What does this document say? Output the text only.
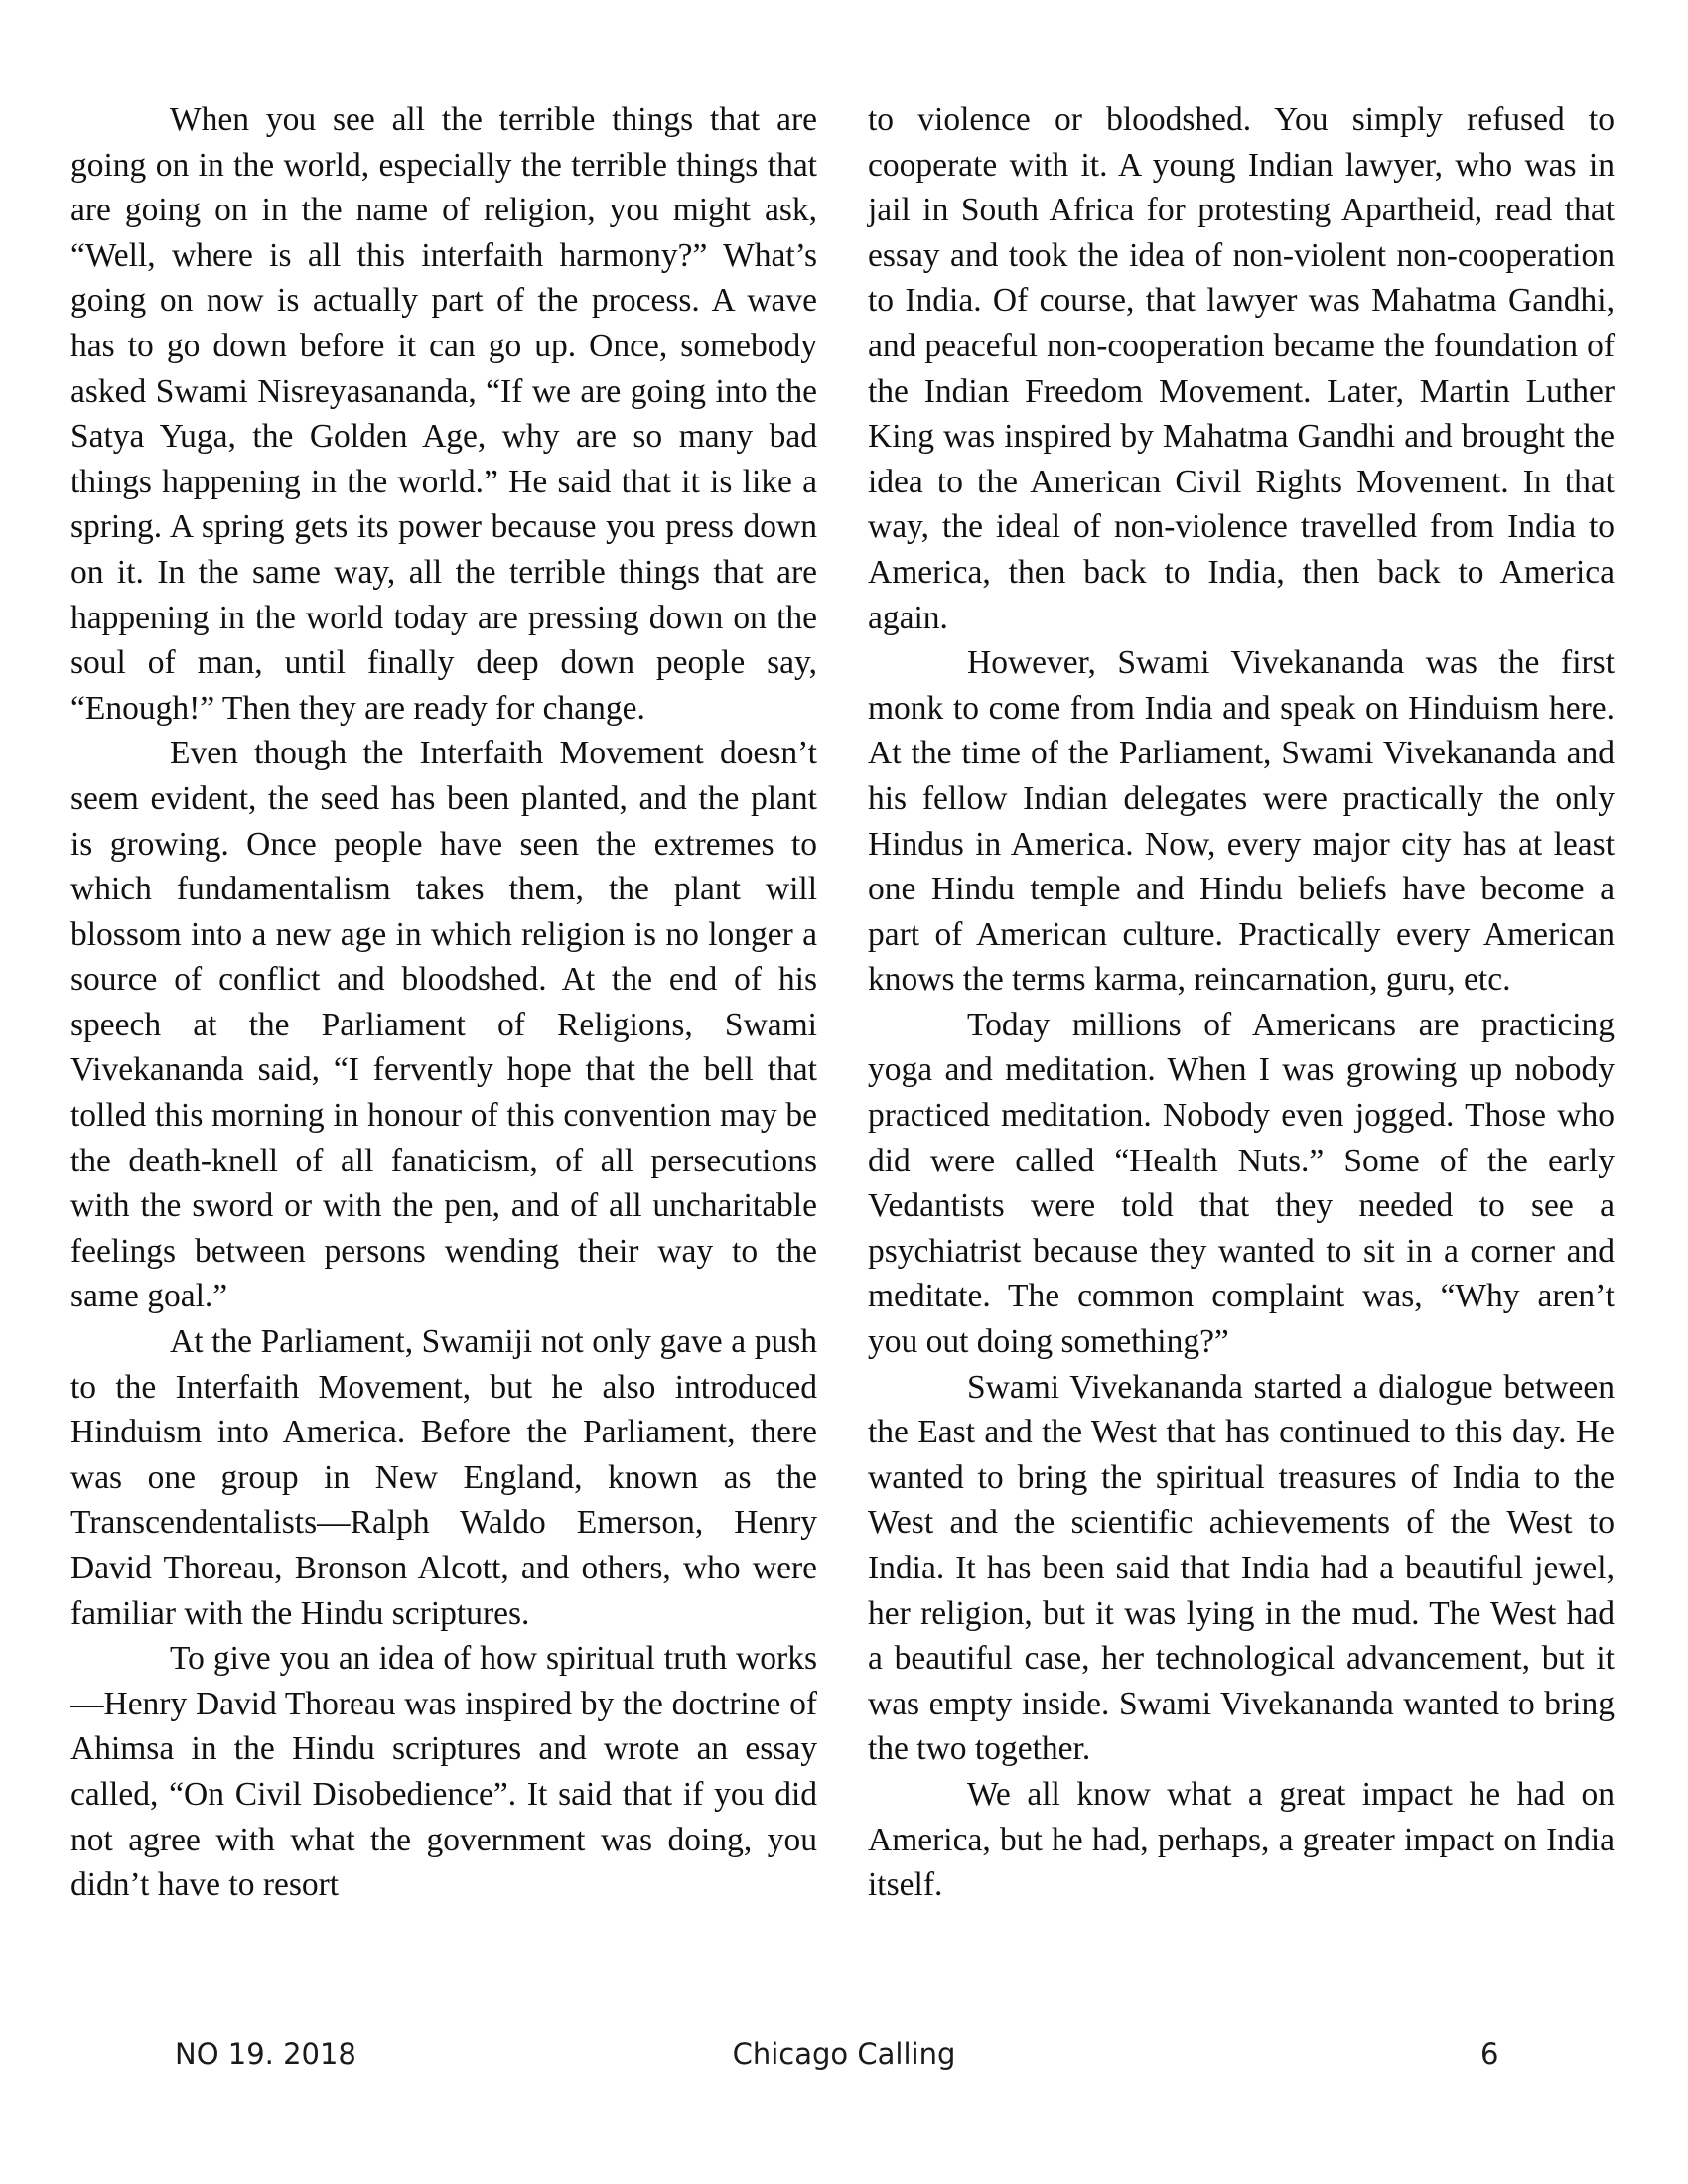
When you see all the terrible things that are going on in the world, especially the terrible things that are going on in the name of religion, you might ask, “Well, where is all this interfaith harmony?” What’s going on now is actually part of the process. A wave has to go down before it can go up. Once, somebody asked Swami Nisreyasananda, “If we are going into the Satya Yuga, the Golden Age, why are so many bad things happening in the world.” He said that it is like a spring. A spring gets its power because you press down on it. In the same way, all the terrible things that are happening in the world today are pressing down on the soul of man, until finally deep down people say, “Enough!” Then they are ready for change.

Even though the Interfaith Movement doesn’t seem evident, the seed has been planted, and the plant is growing. Once people have seen the extremes to which fundamentalism takes them, the plant will blossom into a new age in which religion is no longer a source of conflict and bloodshed. At the end of his speech at the Parliament of Religions, Swami Vivekananda said, “I fervently hope that the bell that tolled this morning in honour of this convention may be the death-knell of all fanaticism, of all persecutions with the sword or with the pen, and of all uncharitable feelings between persons wending their way to the same goal.”

At the Parliament, Swamiji not only gave a push to the Interfaith Movement, but he also introduced Hinduism into America. Before the Parliament, there was one group in New England, known as the Transcendentalists—Ralph Waldo Emerson, Henry David Thoreau, Bronson Alcott, and others, who were familiar with the Hindu scriptures.

To give you an idea of how spiritual truth works—Henry David Thoreau was inspired by the doctrine of Ahimsa in the Hindu scriptures and wrote an essay called, “On Civil Disobedience”. It said that if you did not agree with what the government was doing, you didn’t have to resort

to violence or bloodshed. You simply refused to cooperate with it. A young Indian lawyer, who was in jail in South Africa for protesting Apartheid, read that essay and took the idea of non-violent non-cooperation to India. Of course, that lawyer was Mahatma Gandhi, and peaceful non-cooperation became the foundation of the Indian Freedom Movement. Later, Martin Luther King was inspired by Mahatma Gandhi and brought the idea to the American Civil Rights Movement. In that way, the ideal of non-violence travelled from India to America, then back to India, then back to America again.

However, Swami Vivekananda was the first monk to come from India and speak on Hinduism here. At the time of the Parliament, Swami Vivekananda and his fellow Indian delegates were practically the only Hindus in America. Now, every major city has at least one Hindu temple and Hindu beliefs have become a part of American culture. Practically every American knows the terms karma, reincarnation, guru, etc.

Today millions of Americans are practicing yoga and meditation. When I was growing up nobody practiced meditation. Nobody even jogged. Those who did were called “Health Nuts.” Some of the early Vedantists were told that they needed to see a psychiatrist because they wanted to sit in a corner and meditate. The common complaint was, “Why aren’t you out doing something?”

Swami Vivekananda started a dialogue between the East and the West that has continued to this day. He wanted to bring the spiritual treasures of India to the West and the scientific achievements of the West to India. It has been said that India had a beautiful jewel, her religion, but it was lying in the mud. The West had a beautiful case, her technological advancement, but it was empty inside. Swami Vivekananda wanted to bring the two together.

We all know what a great impact he had on America, but he had, perhaps, a greater impact on India itself.

NO 19. 2018	Chicago Calling	6
